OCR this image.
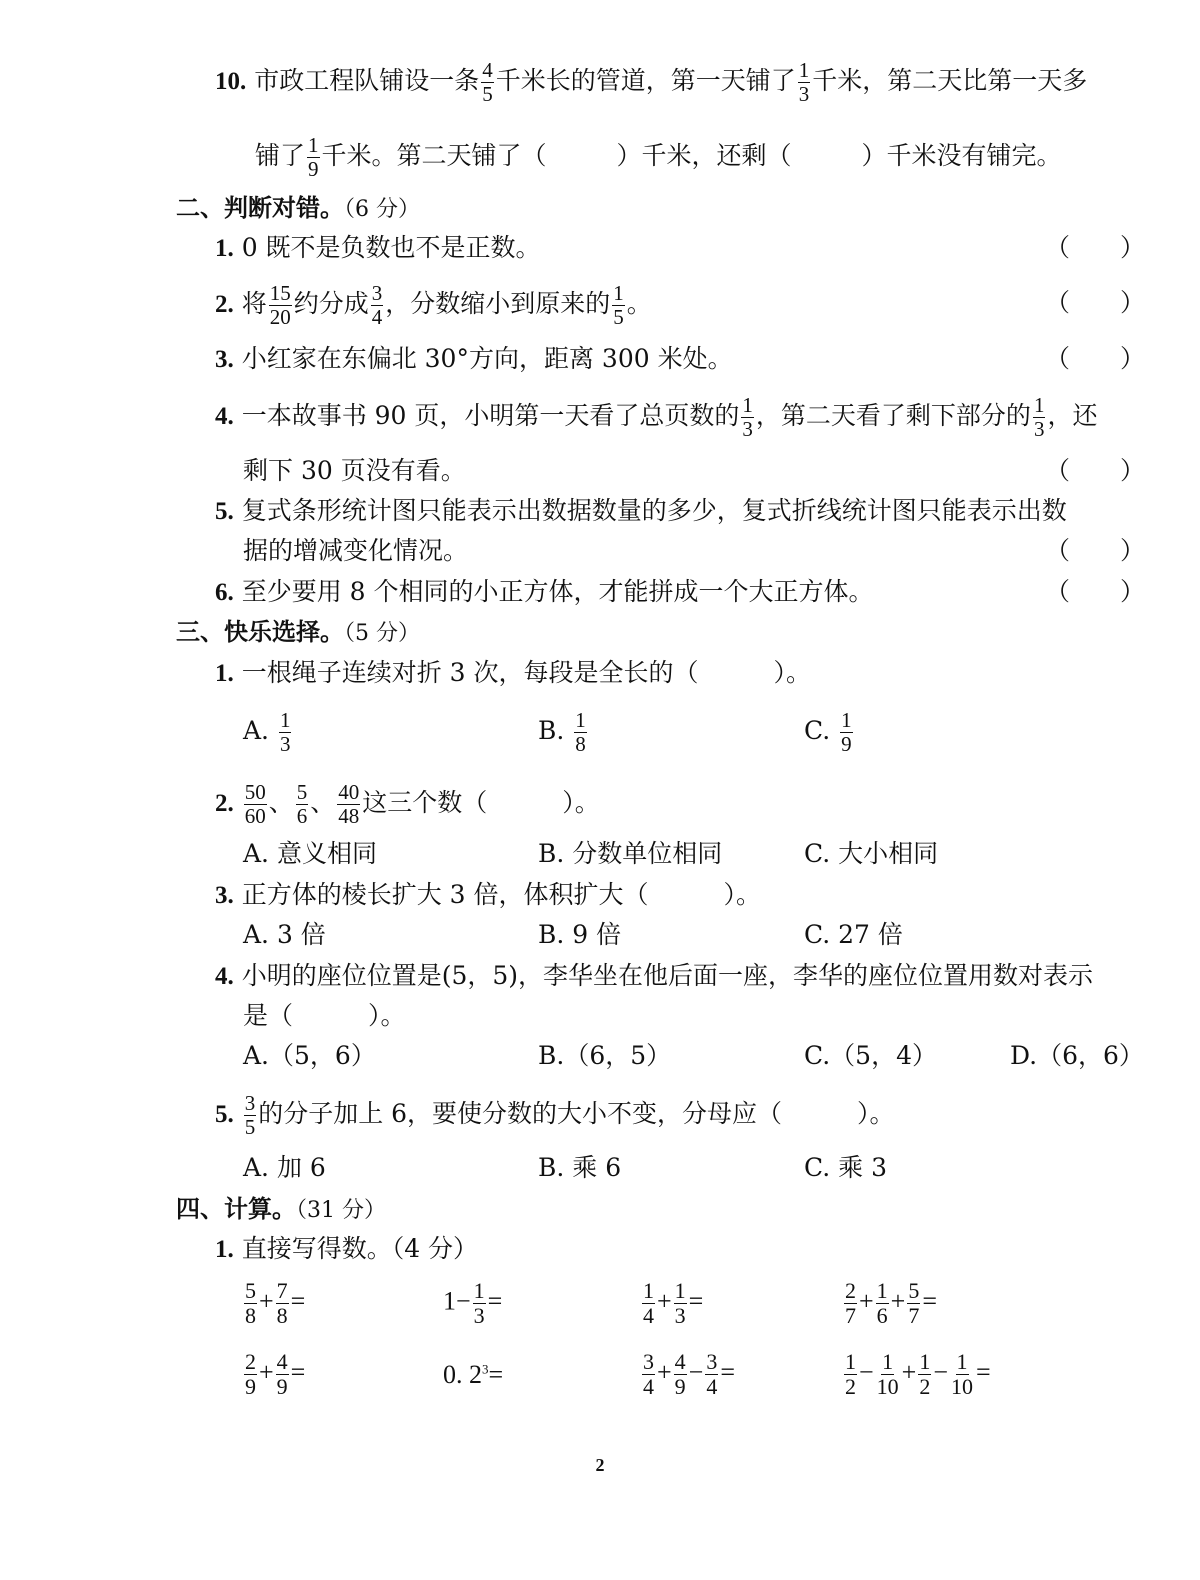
10. 市政工程队铺设一条 $\frac{4}{5}$ 千米长的管道，第一天铺了 $\frac{1}{3}$ 千米，第二天比第一天多
铺了 $\frac{1}{9}$ 千米。第二天铺了（	）千米，还剩（	）千米没有铺完。
二、判断对错。（6 分）
1. 0 既不是负数也不是正数。	（　　）
2. 将 $\frac{15}{20}$ 约分成 $\frac{3}{4}$ ，分数缩小到原来的 $\frac{1}{5}$ 。	（　　）
3. 小红家在东偏北 30°方向，距离 300 米处。	（　　）
4. 一本故事书 90 页，小明第一天看了总页数的 $\frac{1}{3}$ ，第二天看了剩下部分的 $\frac{1}{3}$ ，还
剩下 30 页没有看。	（　　）
5. 复式条形统计图只能表示出数据数量的多少，复式折线统计图只能表示出数
据的增减变化情况。	（　　）
6. 至少要用 8 个相同的小正方体，才能拼成一个大正方体。	（　　）
三、快乐选择。（5 分）
1. 一根绳子连续对折 3 次，每段是全长的（　　　）。
A. $\frac{1}{3}$	B. $\frac{1}{8}$	C. $\frac{1}{9}$
2. $\frac{50}{60}$ 、 $\frac{5}{6}$ 、 $\frac{40}{48}$ 这三个数（　　　）。
A. 意义相同	B. 分数单位相同	C. 大小相同
3. 正方体的棱长扩大 3 倍，体积扩大（　　　）。
A. 3 倍	B. 9 倍	C. 27 倍
4. 小明的座位位置是(5，5)，李华坐在他后面一座，李华的座位位置用数对表示
是（　　　）。
A.（5，6）	B.（6，5）	C.（5，4）	D.（6，6）
5. $\frac{3}{5}$ 的分子加上 6，要使分数的大小不变，分母应（　　　）。
A. 加 6	B. 乘 6	C. 乘 3
四、计算。（31 分）
1. 直接写得数。（4 分）
$\frac{5}{8} + \frac{7}{8}$ =	$1- \frac{1}{3}$ =	$\frac{1}{4} + \frac{1}{3}$ =	$\frac{2}{7} + \frac{1}{6} + \frac{5}{7}$ =
$\frac{2}{9} + \frac{4}{9}$ =	0. $2^3=$	$\frac{3}{4} + \frac{4}{9} - \frac{3}{4}$ =	$\frac{1}{2} - \frac{1}{10} + \frac{1}{2} - \frac{1}{10}$ =
2
